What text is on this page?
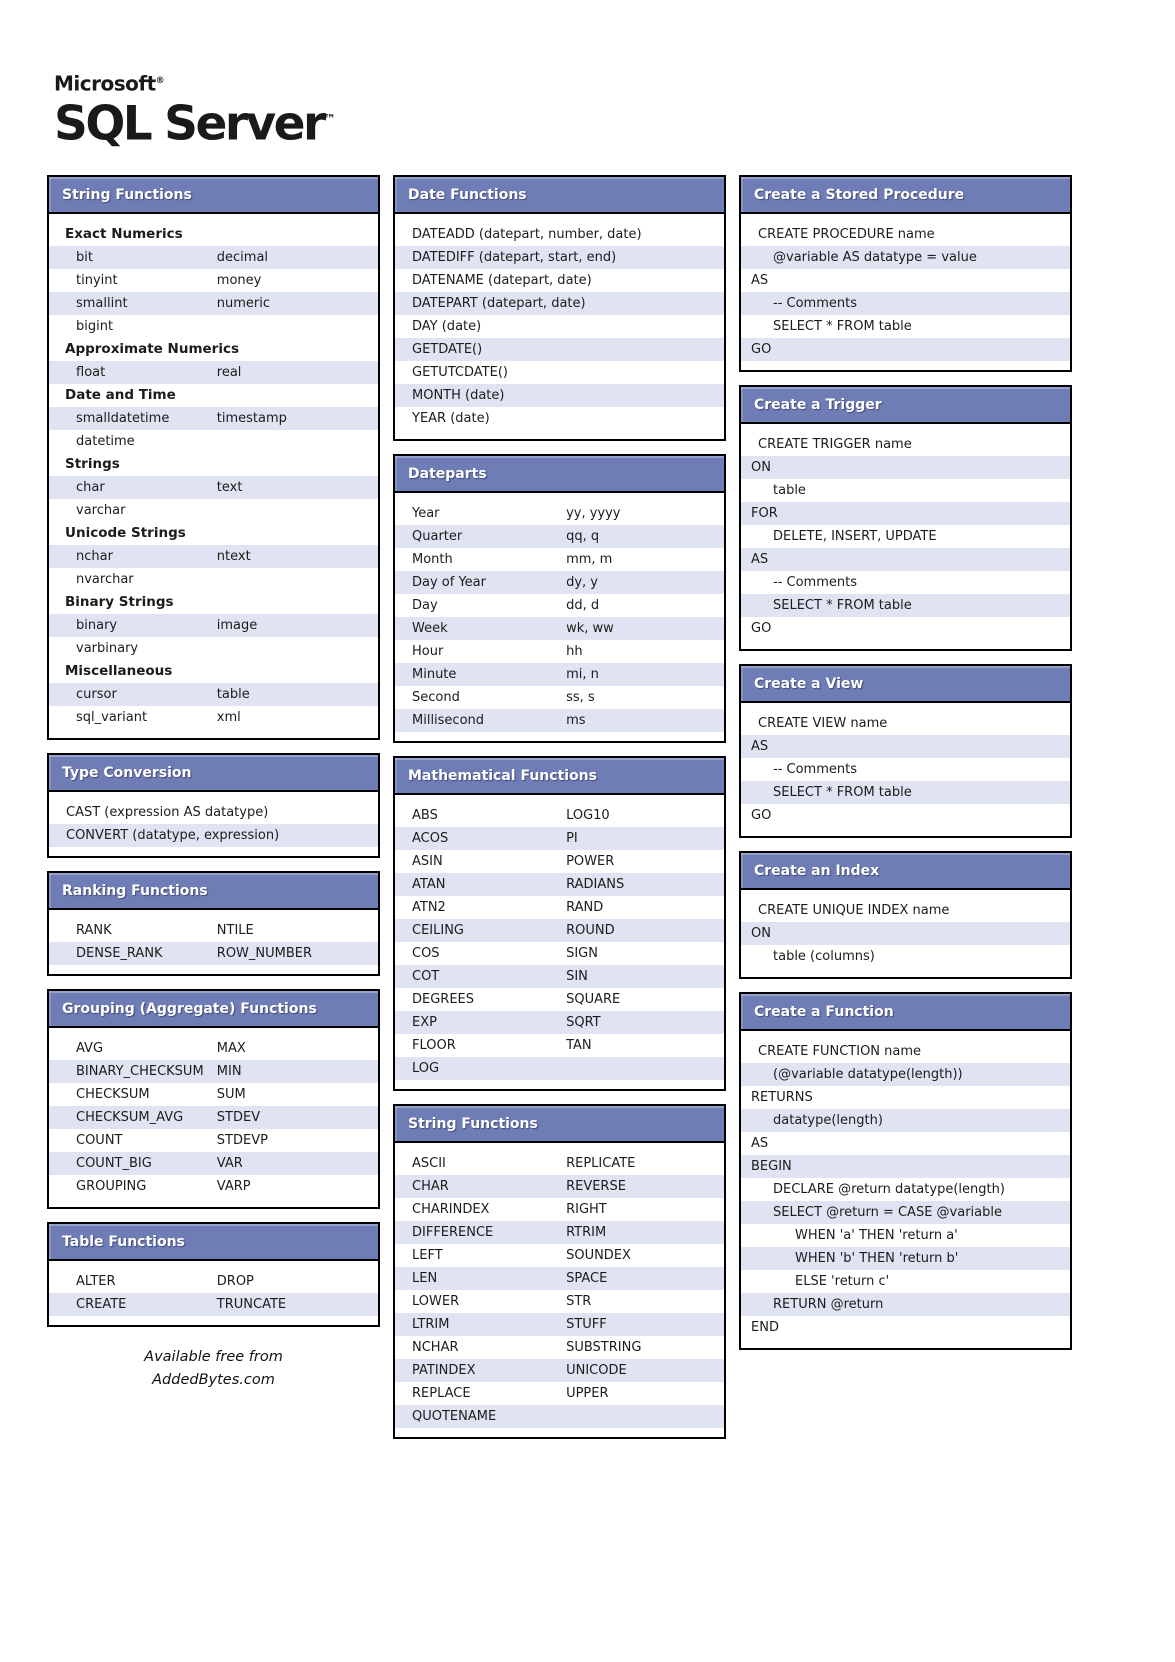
Microsoft®
SQL Server™
String Functions
Exact Numerics
bit	decimal
tinyint	money
smallint	numeric
bigint
Approximate Numerics
float	real
Date and Time
smalldatetime	timestamp
datetime
Strings
char	text
varchar
Unicode Strings
nchar	ntext
nvarchar
Binary Strings
binary	image
varbinary
Miscellaneous
cursor	table
sql_variant	xml
Type Conversion
CAST (expression AS datatype)
CONVERT (datatype, expression)
Ranking Functions
RANK	NTILE
DENSE_RANK	ROW_NUMBER
Grouping (Aggregate) Functions
AVG	MAX
BINARY_CHECKSUM MIN
CHECKSUM	SUM
CHECKSUM_AVG	STDEV
COUNT	STDEVP
COUNT_BIG	VAR
GROUPING	VARP
Table Functions
ALTER	DROP
CREATE	TRUNCATE
Date Functions
DATEADD (datepart, number, date)
DATEDIFF (datepart, start, end)
DATENAME (datepart, date)
DATEPART (datepart, date)
DAY (date)
GETDATE()
GETUTCDATE()
MONTH (date)
YEAR (date)
Dateparts
Year	yy, yyyy
Quarter	qq, q
Month	mm, m
Day of Year	dy, y
Day	dd, d
Week	wk, ww
Hour	hh
Minute	mi, n
Second	ss, s
Millisecond	ms
Mathematical Functions
ABS	LOG10
ACOS	PI
ASIN	POWER
ATAN	RADIANS
ATN2	RAND
CEILING	ROUND
COS	SIGN
COT	SIN
DEGREES	SQUARE
EXP	SQRT
FLOOR	TAN
LOG
String Functions
ASCII	REPLICATE
CHAR	REVERSE
CHARINDEX	RIGHT
DIFFERENCE	RTRIM
LEFT	SOUNDEX
LEN	SPACE
LOWER	STR
LTRIM	STUFF
NCHAR	SUBSTRING
PATINDEX	UNICODE
REPLACE	UPPER
QUOTENAME
Create a Stored Procedure
CREATE PROCEDURE name
@variable AS datatype = value
AS
-- Comments
SELECT * FROM table
GO
Create a Trigger
CREATE TRIGGER name
ON
table
FOR
DELETE, INSERT, UPDATE
AS
-- Comments
SELECT * FROM table
GO
Create a View
CREATE VIEW name
AS
-- Comments
SELECT * FROM table
GO
Create an Index
CREATE UNIQUE INDEX name
ON
table (columns)
Create a Function
CREATE FUNCTION name
(@variable datatype(length))
RETURNS
datatype(length)
AS
BEGIN
DECLARE @return datatype(length)
SELECT @return = CASE @variable
WHEN 'a' THEN 'return a'
WHEN 'b' THEN 'return b'
ELSE 'return c'
RETURN @return
END
Available free from
AddedBytes.com
